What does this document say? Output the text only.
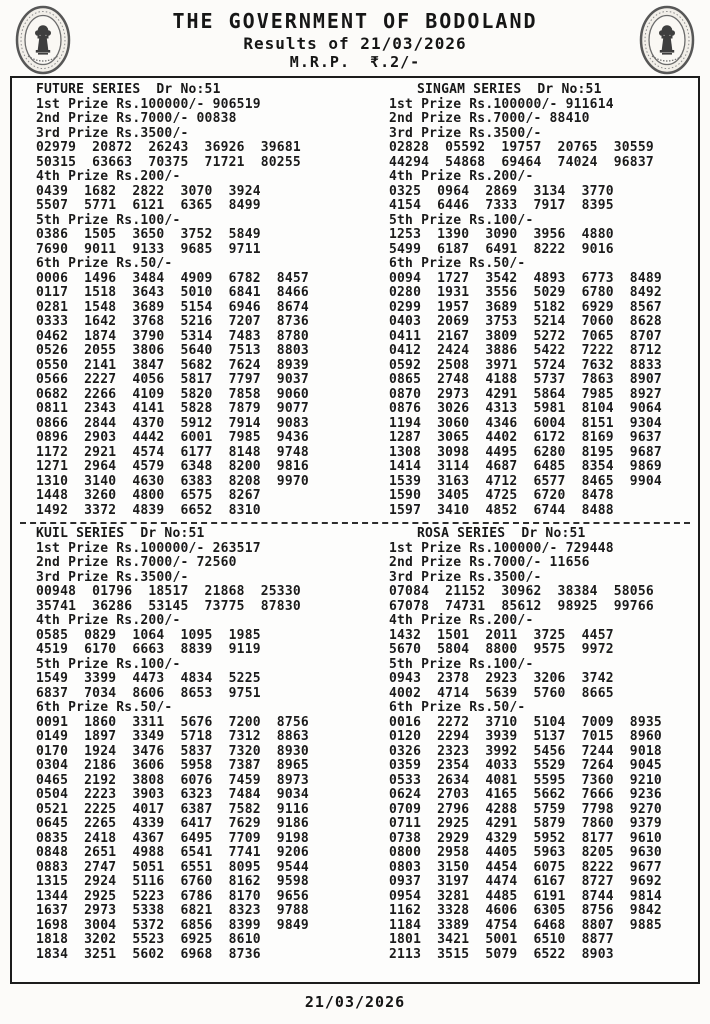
THE GOVERNMENT OF BODOLAND
Results of 21/03/2026
M.R.P.  ₹.2/-
FUTURE SERIES  Dr No:51
1st Prize Rs.100000/- 906519
2nd Prize Rs.7000/- 00838
3rd Prize Rs.3500/-
02979  20872  26243  36926  39681
50315  63663  70375  71721  80255
4th Prize Rs.200/-
0439  1682  2822  3070  3924
5507  5771  6121  6365  8499
5th Prize Rs.100/-
0386  1505  3650  3752  5849
7690  9011  9133  9685  9711
6th Prize Rs.50/-
0006  1496  3484  4909  6782  8457
0117  1518  3643  5010  6841  8466
0281  1548  3689  5154  6946  8674
0333  1642  3768  5216  7207  8736
0462  1874  3790  5314  7483  8780
0526  2055  3806  5640  7513  8803
0550  2141  3847  5682  7624  8939
0566  2227  4056  5817  7797  9037
0682  2266  4109  5820  7858  9060
0811  2343  4141  5828  7879  9077
0866  2844  4370  5912  7914  9083
0896  2903  4442  6001  7985  9436
1172  2921  4574  6177  8148  9748
1271  2964  4579  6348  8200  9816
1310  3140  4630  6383  8208  9970
1448  3260  4800  6575  8267
1492  3372  4839  6652  8310
SINGAM SERIES  Dr No:51
1st Prize Rs.100000/- 911614
2nd Prize Rs.7000/- 88410
3rd Prize Rs.3500/-
02828  05592  19757  20765  30559
44294  54868  69464  74024  96837
4th Prize Rs.200/-
0325  0964  2869  3134  3770
4154  6446  7333  7917  8395
5th Prize Rs.100/-
1253  1390  3090  3956  4880
5499  6187  6491  8222  9016
6th Prize Rs.50/-
0094  1727  3542  4893  6773  8489
0280  1931  3556  5029  6780  8492
0299  1957  3689  5182  6929  8567
0403  2069  3753  5214  7060  8628
0411  2167  3809  5272  7065  8707
0412  2424  3886  5422  7222  8712
0592  2508  3971  5724  7632  8833
0865  2748  4188  5737  7863  8907
0870  2973  4291  5864  7985  8927
0876  3026  4313  5981  8104  9064
1194  3060  4346  6004  8151  9304
1287  3065  4402  6172  8169  9637
1308  3098  4495  6280  8195  9687
1414  3114  4687  6485  8354  9869
1539  3163  4712  6577  8465  9904
1590  3405  4725  6720  8478
1597  3410  4852  6744  8488
KUIL SERIES  Dr No:51
1st Prize Rs.100000/- 263517
2nd Prize Rs.7000/- 72560
3rd Prize Rs.3500/-
00948  01796  18517  21868  25330
35741  36286  53145  73775  87830
4th Prize Rs.200/-
0585  0829  1064  1095  1985
4519  6170  6663  8839  9119
5th Prize Rs.100/-
1549  3399  4473  4834  5225
6837  7034  8606  8653  9751
6th Prize Rs.50/-
0091  1860  3311  5676  7200  8756
0149  1897  3349  5718  7312  8863
0170  1924  3476  5837  7320  8930
0304  2186  3606  5958  7387  8965
0465  2192  3808  6076  7459  8973
0504  2223  3903  6323  7484  9034
0521  2225  4017  6387  7582  9116
0645  2265  4339  6417  7629  9186
0835  2418  4367  6495  7709  9198
0848  2651  4988  6541  7741  9206
0883  2747  5051  6551  8095  9544
1315  2924  5116  6760  8162  9598
1344  2925  5223  6786  8170  9656
1637  2973  5338  6821  8323  9788
1698  3004  5372  6856  8399  9849
1818  3202  5523  6925  8610
1834  3251  5602  6968  8736
ROSA SERIES  Dr No:51
1st Prize Rs.100000/- 729448
2nd Prize Rs.7000/- 11656
3rd Prize Rs.3500/-
07084  21152  30962  38384  58056
67078  74731  85612  98925  99766
4th Prize Rs.200/-
1432  1501  2011  3725  4457
5670  5804  8800  9575  9972
5th Prize Rs.100/-
0943  2378  2923  3206  3742
4002  4714  5639  5760  8665
6th Prize Rs.50/-
0016  2272  3710  5104  7009  8935
0120  2294  3939  5137  7015  8960
0326  2323  3992  5456  7244  9018
0359  2354  4033  5529  7264  9045
0533  2634  4081  5595  7360  9210
0624  2703  4165  5662  7666  9236
0709  2796  4288  5759  7798  9270
0711  2925  4291  5879  7860  9379
0738  2929  4329  5952  8177  9610
0800  2958  4405  5963  8205  9630
0803  3150  4454  6075  8222  9677
0937  3197  4474  6167  8727  9692
0954  3281  4485  6191  8744  9814
1162  3328  4606  6305  8756  9842
1184  3389  4754  6468  8807  9885
1801  3421  5001  6510  8877
2113  3515  5079  6522  8903
21/03/2026
